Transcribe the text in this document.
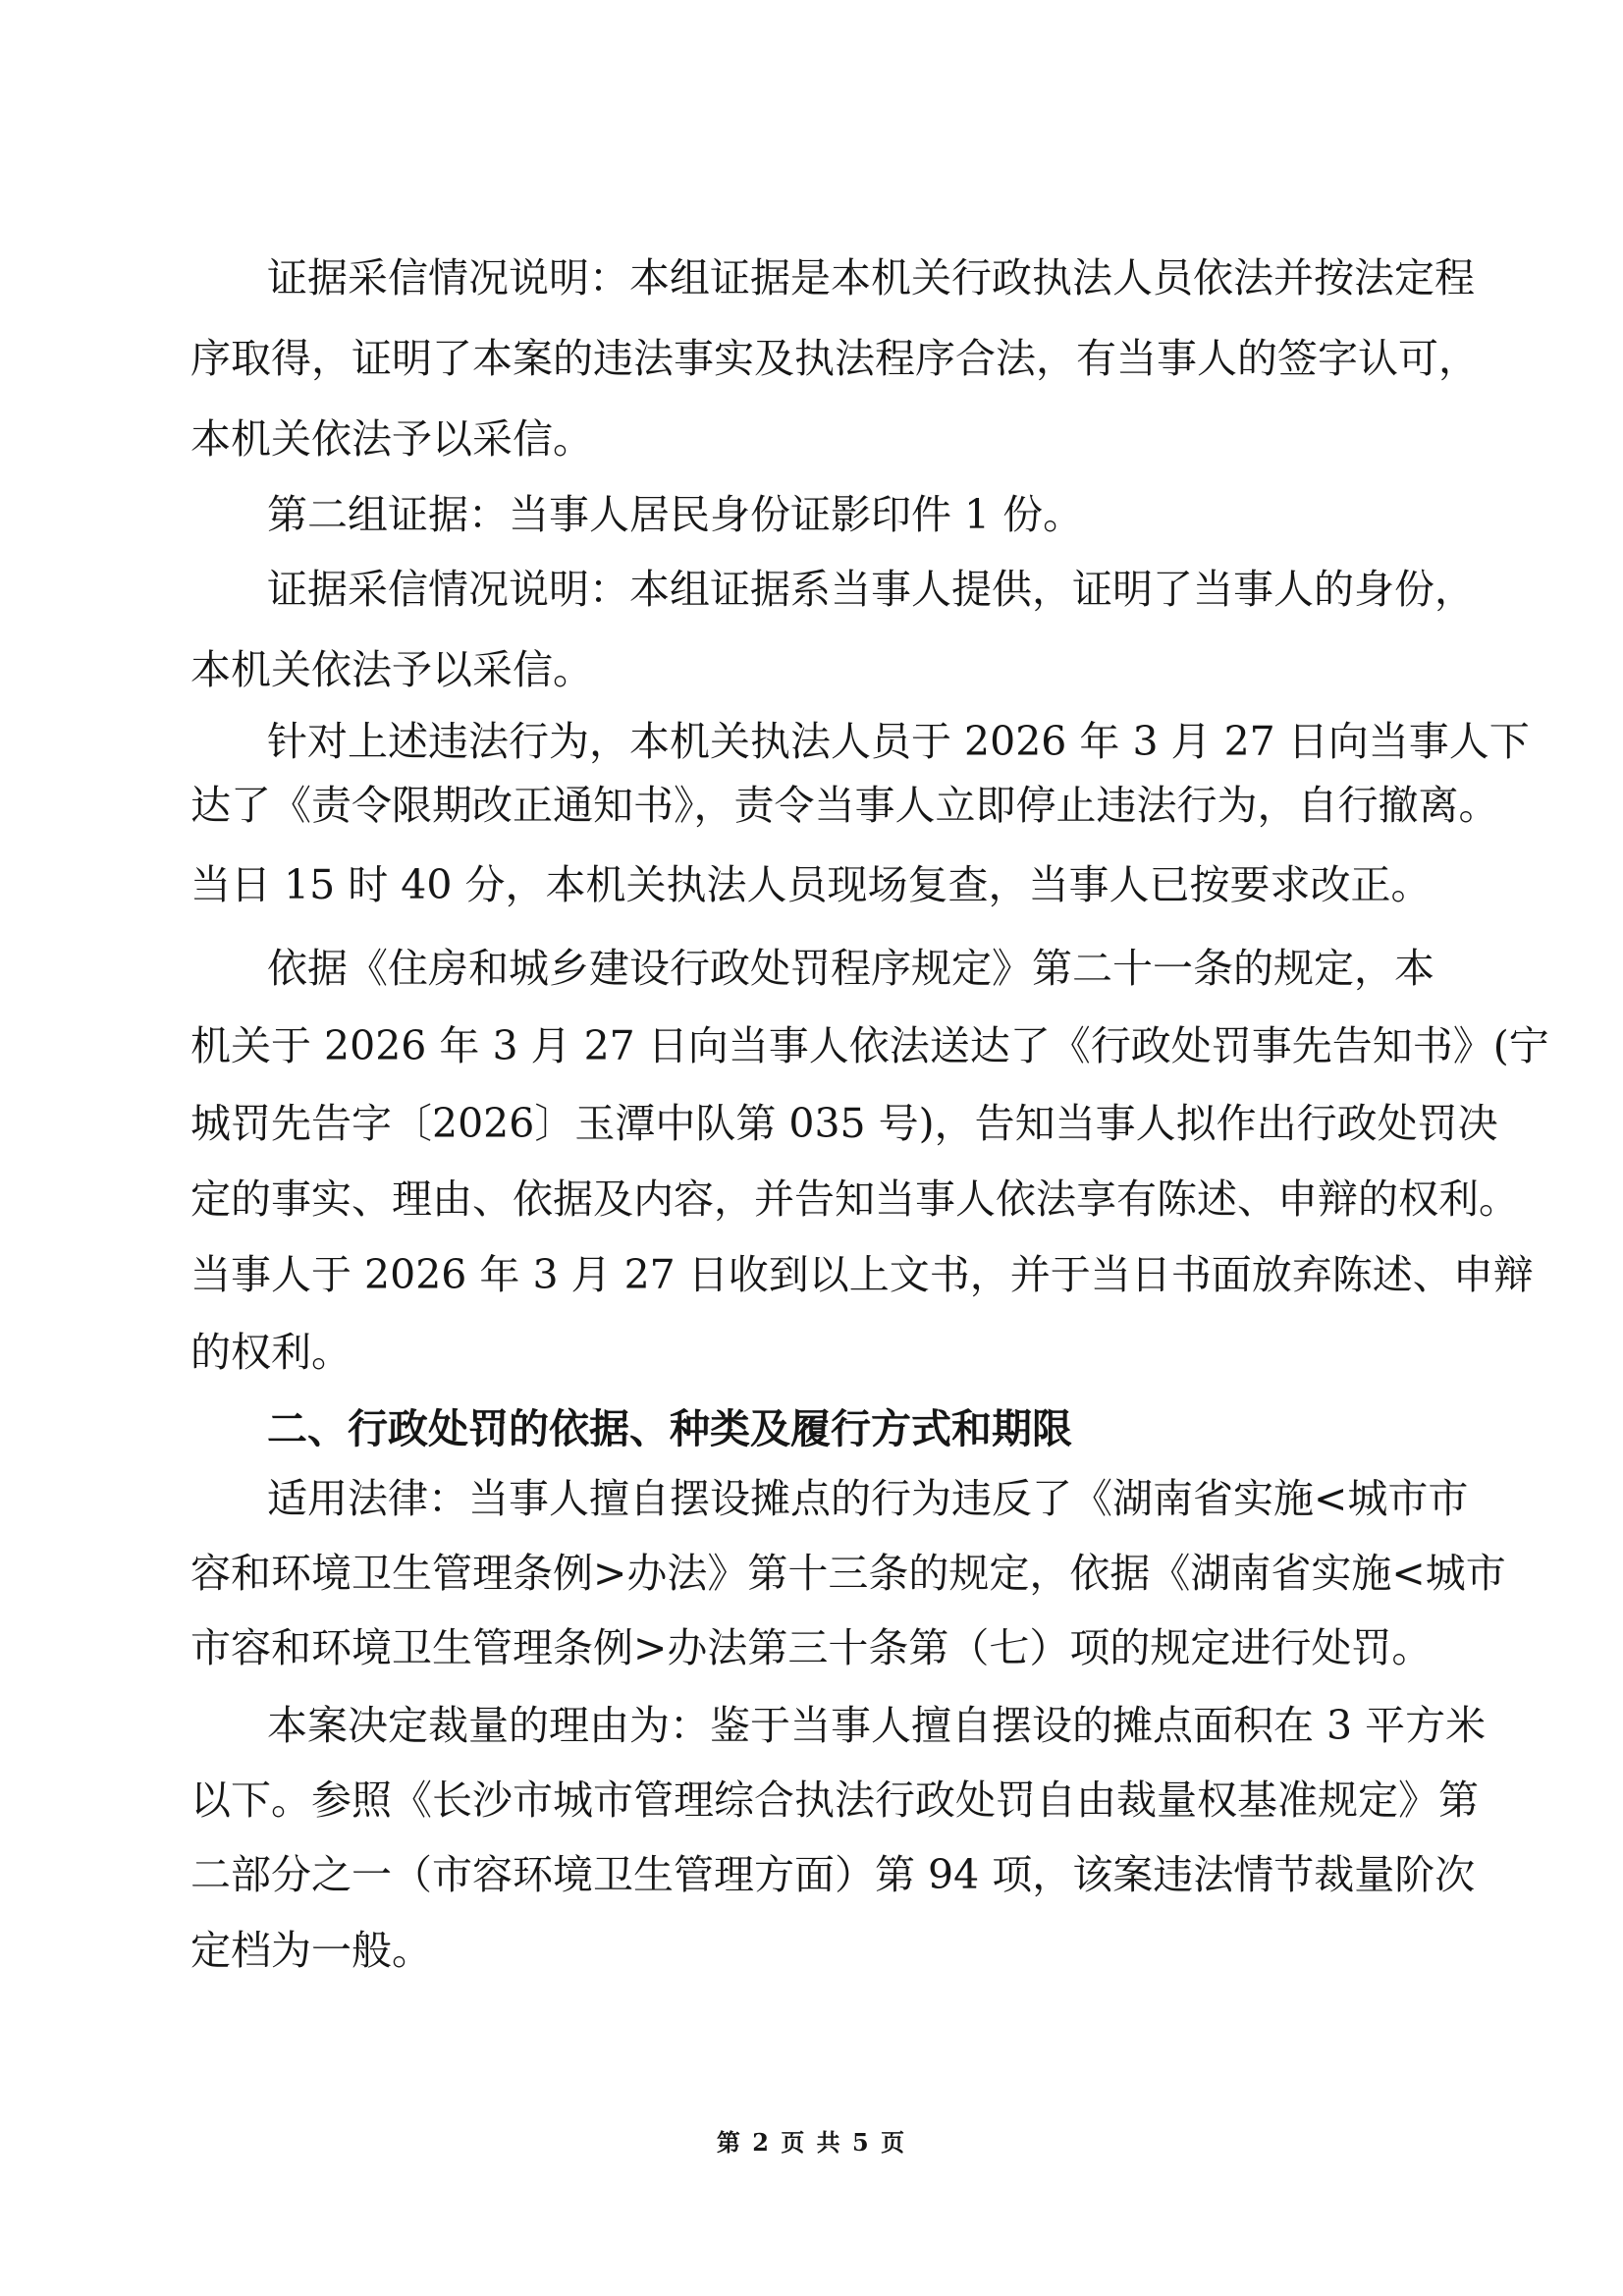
证据采信情况说明：本组证据是本机关行政执法人员依法并按法定程
序取得，证明了本案的违法事实及执法程序合法，有当事人的签字认可，
本机关依法予以采信。
第二组证据：当事人居民身份证影印件 1 份。
证据采信情况说明：本组证据系当事人提供，证明了当事人的身份，
本机关依法予以采信。
针对上述违法行为，本机关执法人员于 2026 年 3 月 27 日向当事人下
达了《责令限期改正通知书》，责令当事人立即停止违法行为，自行撤离。
当日 15 时 40 分，本机关执法人员现场复查，当事人已按要求改正。
依据《住房和城乡建设行政处罚程序规定》第二十一条的规定，本
机关于 2026 年 3 月 27 日向当事人依法送达了《行政处罚事先告知书》(宁
城罚先告字〔2026〕玉潭中队第 035 号)，告知当事人拟作出行政处罚决
定的事实、理由、依据及内容，并告知当事人依法享有陈述、申辩的权利。
当事人于 2026 年 3 月 27 日收到以上文书，并于当日书面放弃陈述、申辩
的权利。
二、行政处罚的依据、种类及履行方式和期限
适用法律：当事人擅自摆设摊点的行为违反了《湖南省实施<城市市
容和环境卫生管理条例>办法》第十三条的规定，依据《湖南省实施<城市
市容和环境卫生管理条例>办法第三十条第（七）项的规定进行处罚。
本案决定裁量的理由为：鉴于当事人擅自摆设的摊点面积在 3 平方米
以下。参照《长沙市城市管理综合执法行政处罚自由裁量权基准规定》第
二部分之一（市容环境卫生管理方面）第 94 项，该案违法情节裁量阶次
定档为一般。
第 2 页 共 5 页
